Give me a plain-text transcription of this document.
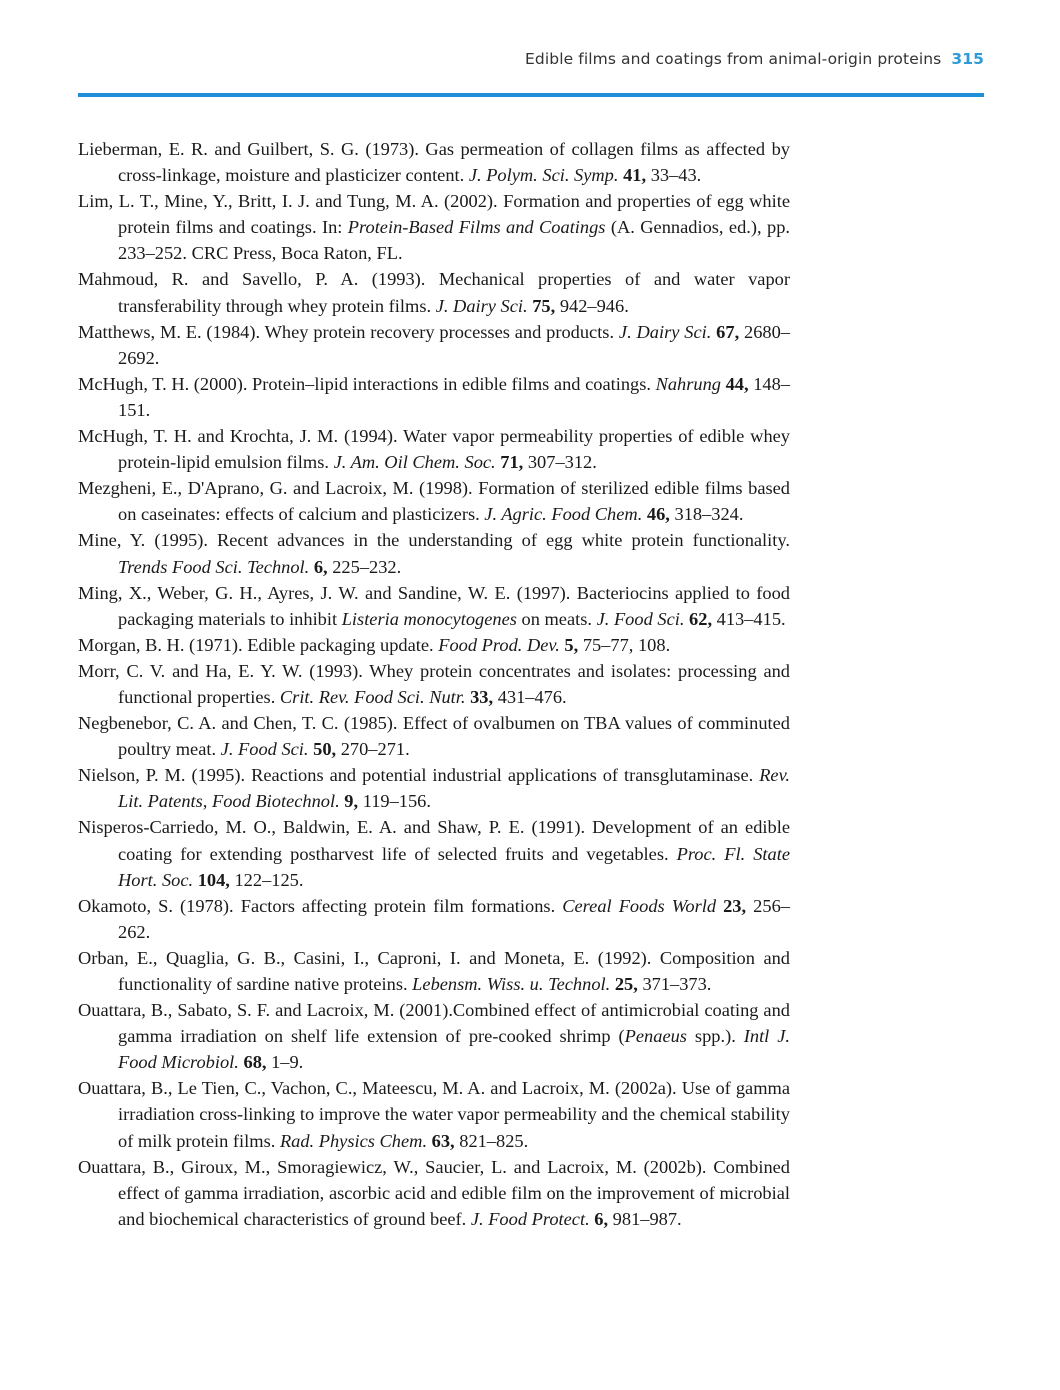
Edible films and coatings from animal-origin proteins 315
Lieberman, E. R. and Guilbert, S. G. (1973). Gas permeation of collagen films as affected by cross-linkage, moisture and plasticizer content. J. Polym. Sci. Symp. 41, 33–43.
Lim, L. T., Mine, Y., Britt, I. J. and Tung, M. A. (2002). Formation and properties of egg white protein films and coatings. In: Protein-Based Films and Coatings (A. Gennadios, ed.), pp. 233–252. CRC Press, Boca Raton, FL.
Mahmoud, R. and Savello, P. A. (1993). Mechanical properties of and water vapor transferability through whey protein films. J. Dairy Sci. 75, 942–946.
Matthews, M. E. (1984). Whey protein recovery processes and products. J. Dairy Sci. 67, 2680–2692.
McHugh, T. H. (2000). Protein–lipid interactions in edible films and coatings. Nahrung 44, 148–151.
McHugh, T. H. and Krochta, J. M. (1994). Water vapor permeability properties of edible whey protein-lipid emulsion films. J. Am. Oil Chem. Soc. 71, 307–312.
Mezgheni, E., D'Aprano, G. and Lacroix, M. (1998). Formation of sterilized edible films based on caseinates: effects of calcium and plasticizers. J. Agric. Food Chem. 46, 318–324.
Mine, Y. (1995). Recent advances in the understanding of egg white protein functionality. Trends Food Sci. Technol. 6, 225–232.
Ming, X., Weber, G. H., Ayres, J. W. and Sandine, W. E. (1997). Bacteriocins applied to food packaging materials to inhibit Listeria monocytogenes on meats. J. Food Sci. 62, 413–415.
Morgan, B. H. (1971). Edible packaging update. Food Prod. Dev. 5, 75–77, 108.
Morr, C. V. and Ha, E. Y. W. (1993). Whey protein concentrates and isolates: processing and functional properties. Crit. Rev. Food Sci. Nutr. 33, 431–476.
Negbenebor, C. A. and Chen, T. C. (1985). Effect of ovalbumen on TBA values of comminuted poultry meat. J. Food Sci. 50, 270–271.
Nielson, P. M. (1995). Reactions and potential industrial applications of transglutaminase. Rev. Lit. Patents, Food Biotechnol. 9, 119–156.
Nisperos-Carriedo, M. O., Baldwin, E. A. and Shaw, P. E. (1991). Development of an edible coating for extending postharvest life of selected fruits and vegetables. Proc. Fl. State Hort. Soc. 104, 122–125.
Okamoto, S. (1978). Factors affecting protein film formations. Cereal Foods World 23, 256–262.
Orban, E., Quaglia, G. B., Casini, I., Caproni, I. and Moneta, E. (1992). Composition and functionality of sardine native proteins. Lebensm. Wiss. u. Technol. 25, 371–373.
Ouattara, B., Sabato, S. F. and Lacroix, M. (2001).Combined effect of antimicrobial coating and gamma irradiation on shelf life extension of pre-cooked shrimp (Penaeus spp.). Intl J. Food Microbiol. 68, 1–9.
Ouattara, B., Le Tien, C., Vachon, C., Mateescu, M. A. and Lacroix, M. (2002a). Use of gamma irradiation cross-linking to improve the water vapor permeability and the chemical stability of milk protein films. Rad. Physics Chem. 63, 821–825.
Ouattara, B., Giroux, M., Smoragiewicz, W., Saucier, L. and Lacroix, M. (2002b). Combined effect of gamma irradiation, ascorbic acid and edible film on the improvement of microbial and biochemical characteristics of ground beef. J. Food Protect. 6, 981–987.
